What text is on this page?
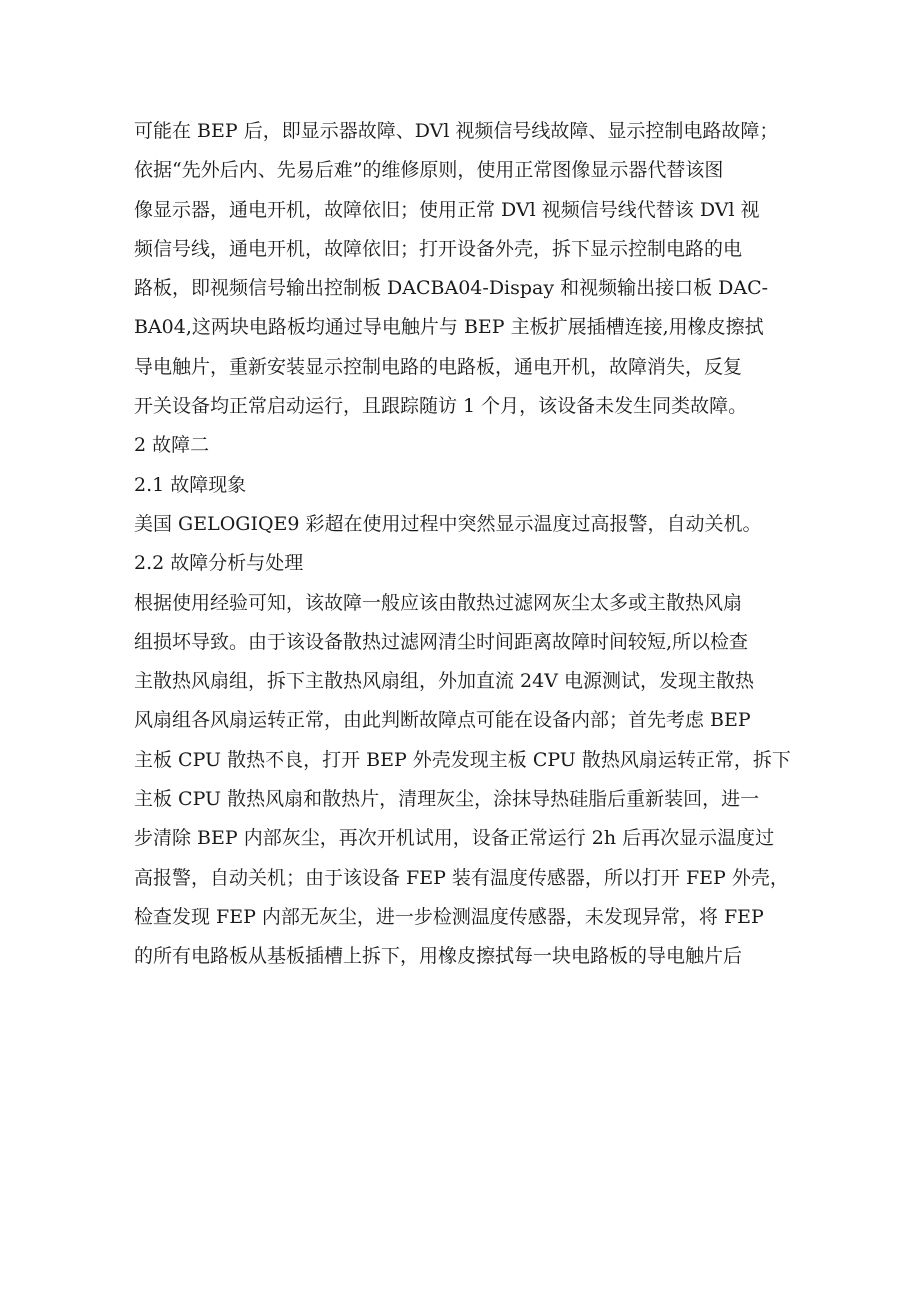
可能在 BEP 后，即显示器故障、DVl 视频信号线故障、显示控制电路故障；
依据“先外后内、先易后难”的维修原则，使用正常图像显示器代替该图
像显示器，通电开机，故障依旧；使用正常 DVl 视频信号线代替该 DVl 视
频信号线，通电开机，故障依旧；打开设备外壳，拆下显示控制电路的电
路板，即视频信号输出控制板 DACBA04-Dispay 和视频输出接口板 DAC-
BA04,这两块电路板均通过导电触片与 BEP 主板扩展插槽连接,用橡皮擦拭
导电触片，重新安装显示控制电路的电路板，通电开机，故障消失，反复
开关设备均正常启动运行，且跟踪随访 1 个月，该设备未发生同类故障。
2 故障二
2.1 故障现象
美国 GELOGIQE9 彩超在使用过程中突然显示温度过高报警，自动关机。
2.2 故障分析与处理
根据使用经验可知，该故障一般应该由散热过滤网灰尘太多或主散热风扇
组损坏导致。由于该设备散热过滤网清尘时间距离故障时间较短,所以检查
主散热风扇组，拆下主散热风扇组，外加直流 24V 电源测试，发现主散热
风扇组各风扇运转正常，由此判断故障点可能在设备内部；首先考虑 BEP
主板 CPU 散热不良，打开 BEP 外壳发现主板 CPU 散热风扇运转正常，拆下
主板 CPU 散热风扇和散热片，清理灰尘，涂抹导热硅脂后重新装回，进一
步清除 BEP 内部灰尘，再次开机试用，设备正常运行 2h 后再次显示温度过
高报警，自动关机；由于该设备 FEP 装有温度传感器，所以打开 FEP 外壳，
检查发现 FEP 内部无灰尘，进一步检测温度传感器，未发现异常，将 FEP
的所有电路板从基板插槽上拆下，用橡皮擦拭每一块电路板的导电触片后
